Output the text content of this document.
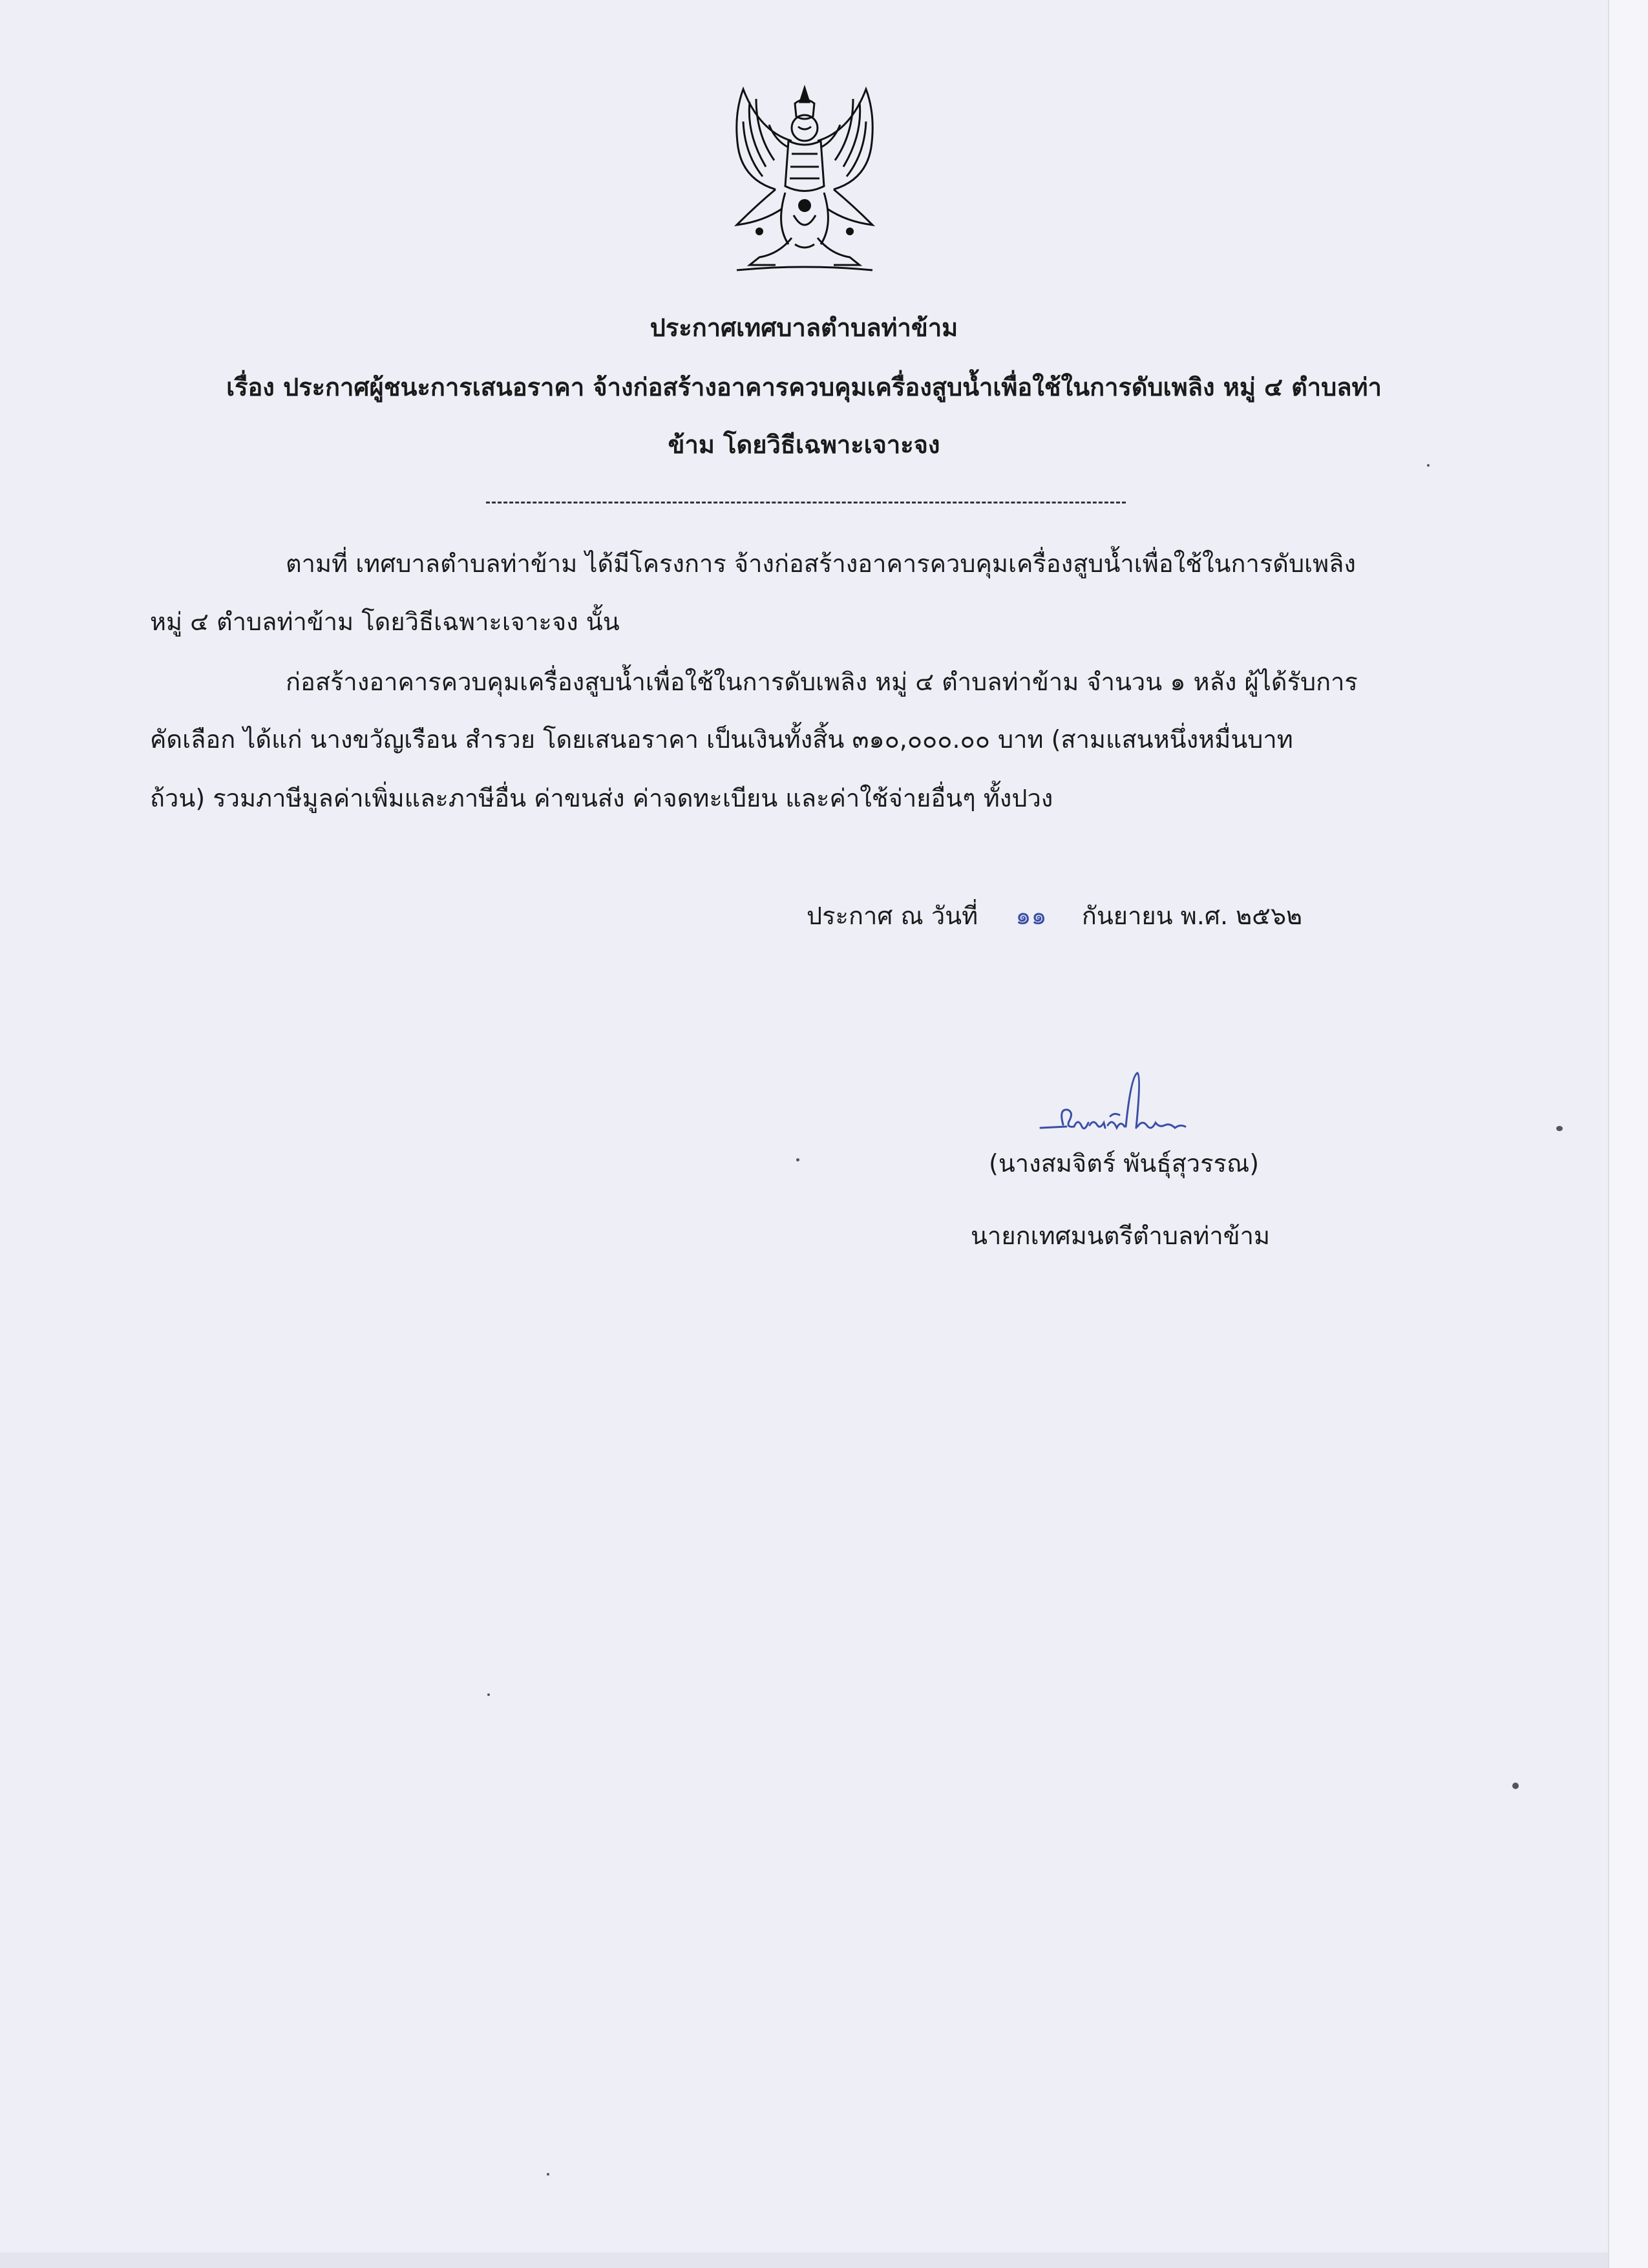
ประกาศเทศบาลตำบลท่าข้าม
เรื่อง ประกาศผู้ชนะการเสนอราคา จ้างก่อสร้างอาคารควบคุมเครื่องสูบน้ำเพื่อใช้ในการดับเพลิง หมู่ ๔ ตำบลท่า
ข้าม โดยวิธีเฉพาะเจาะจง
ตามที่ เทศบาลตำบลท่าข้าม ได้มีโครงการ จ้างก่อสร้างอาคารควบคุมเครื่องสูบน้ำเพื่อใช้ในการดับเพลิง
หมู่ ๔ ตำบลท่าข้าม โดยวิธีเฉพาะเจาะจง นั้น
ก่อสร้างอาคารควบคุมเครื่องสูบน้ำเพื่อใช้ในการดับเพลิง หมู่ ๔ ตำบลท่าข้าม จำนวน ๑ หลัง ผู้ได้รับการ
คัดเลือก ได้แก่ นางขวัญเรือน สำรวย โดยเสนอราคา เป็นเงินทั้งสิ้น ๓๑๐,๐๐๐.๐๐ บาท (สามแสนหนึ่งหมื่นบาท
ถ้วน) รวมภาษีมูลค่าเพิ่มและภาษีอื่น ค่าขนส่ง ค่าจดทะเบียน และค่าใช้จ่ายอื่นๆ ทั้งปวง
ประกาศ ณ วันที่ ๑๑ กันยายน พ.ศ. ๒๕๖๒
(นางสมจิตร์ พันธุ์สุวรรณ)
นายกเทศมนตรีตำบลท่าข้าม
